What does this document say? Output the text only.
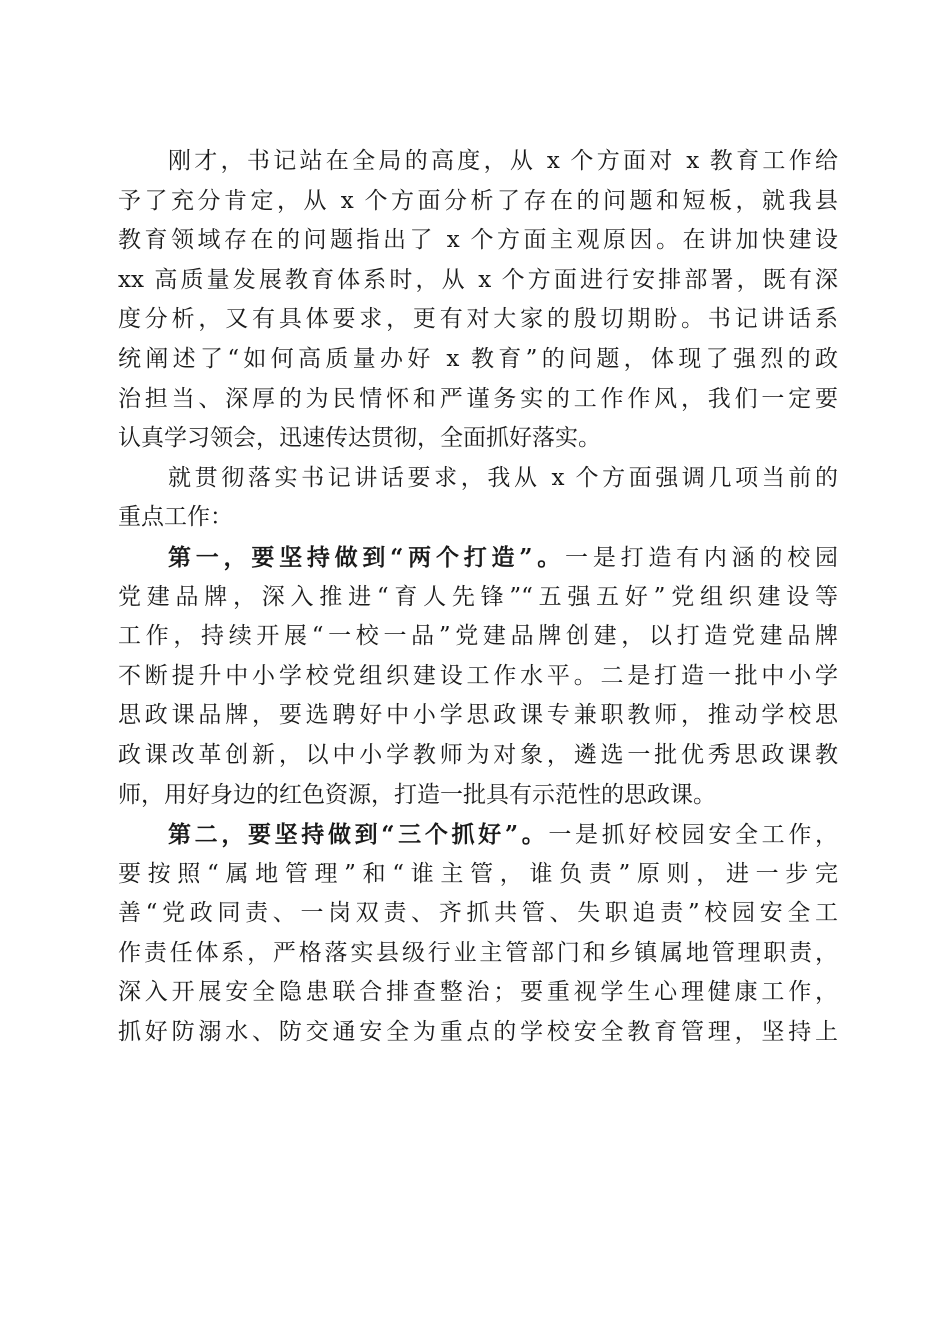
刚才，书记站在全局的高度，从 x 个方面对 x 教育工作给
予了充分肯定，从 x 个方面分析了存在的问题和短板，就我县
教育领域存在的问题指出了 x 个方面主观原因。在讲加快建设
xx 高质量发展教育体系时，从 x 个方面进行安排部署，既有深
度分析，又有具体要求，更有对大家的殷切期盼。书记讲话系
统阐述了“如何高质量办好 x 教育”的问题，体现了强烈的政
治担当、深厚的为民情怀和严谨务实的工作作风，我们一定要
认真学习领会，迅速传达贯彻，全面抓好落实。
就贯彻落实书记讲话要求，我从 x 个方面强调几项当前的
重点工作：
第一，要坚持做到“两个打造”。一是打造有内涵的校园
党建品牌，深入推进“育人先锋”“五强五好”党组织建设等
工作，持续开展“一校一品”党建品牌创建，以打造党建品牌
不断提升中小学校党组织建设工作水平。二是打造一批中小学
思政课品牌，要选聘好中小学思政课专兼职教师，推动学校思
政课改革创新，以中小学教师为对象，遴选一批优秀思政课教
师，用好身边的红色资源，打造一批具有示范性的思政课。
第二，要坚持做到“三个抓好”。一是抓好校园安全工作，
要按照“属地管理”和“谁主管，谁负责”原则，进一步完
善“党政同责、一岗双责、齐抓共管、失职追责”校园安全工
作责任体系，严格落实县级行业主管部门和乡镇属地管理职责，
深入开展安全隐患联合排查整治；要重视学生心理健康工作，
抓好防溺水、防交通安全为重点的学校安全教育管理，坚持上
